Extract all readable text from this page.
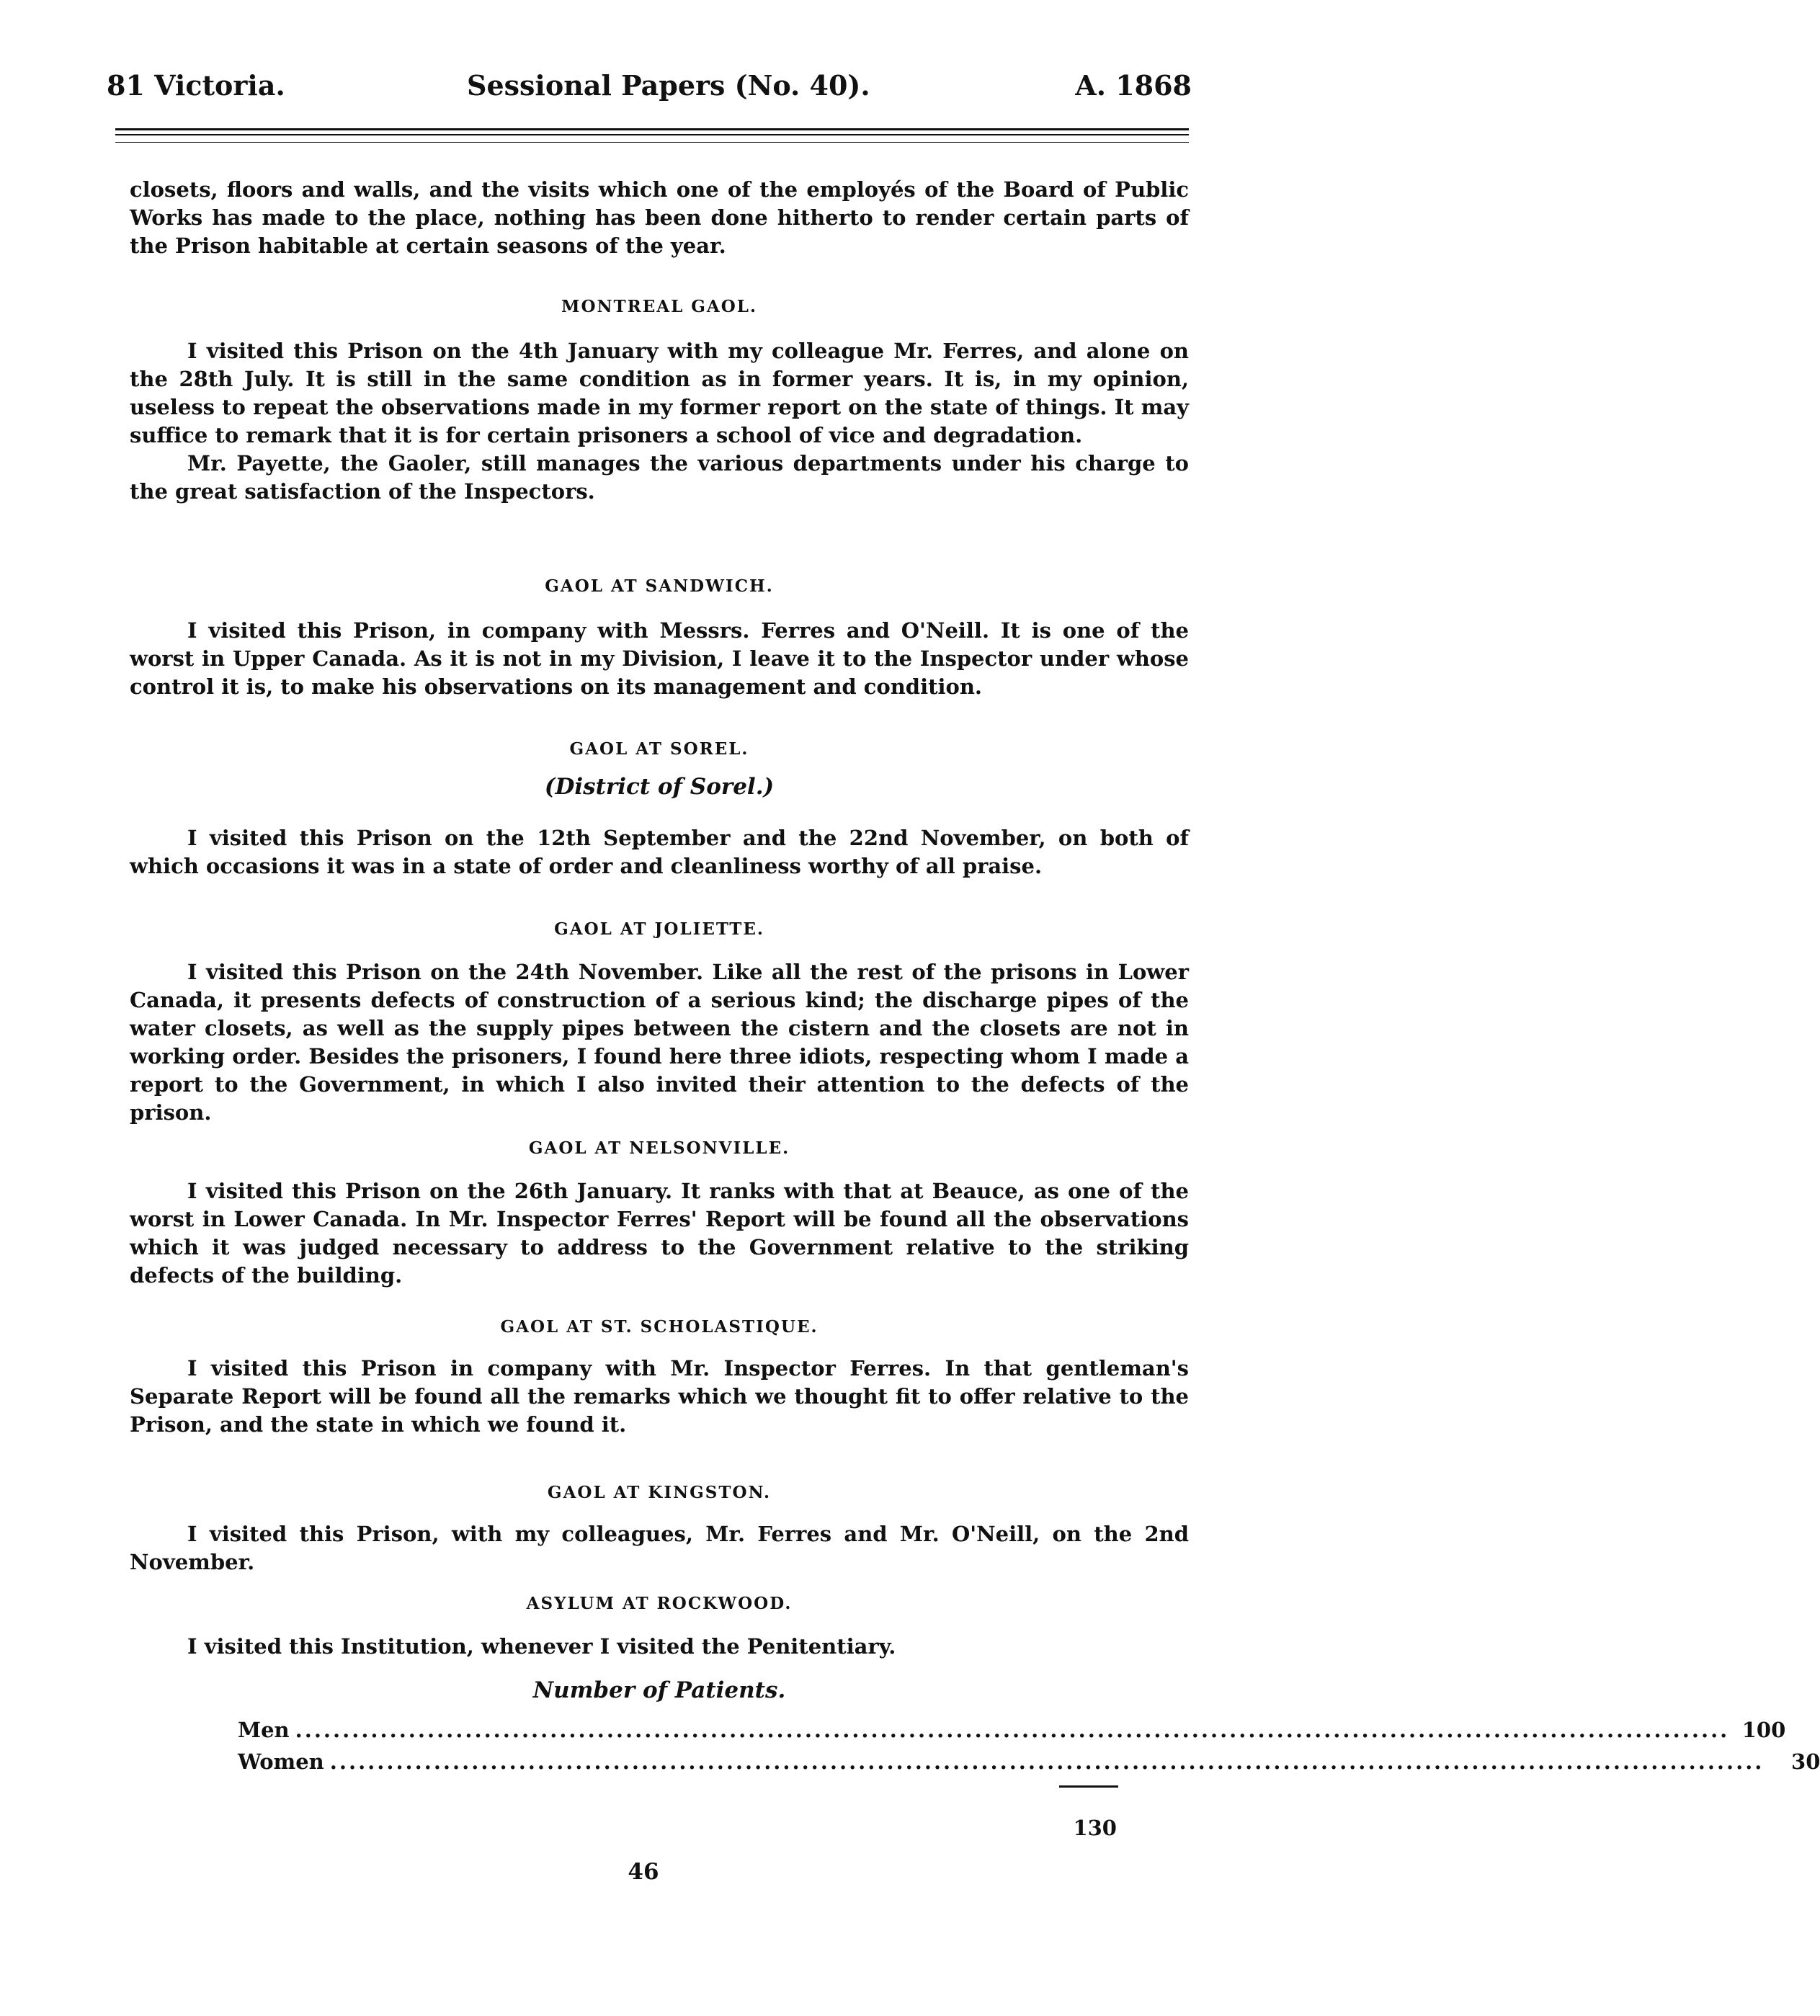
81 Victoria.	Sessional Papers (No. 40).	A. 1868

closets, floors and walls, and the visits which one of the employés of the Board of Public Works has made to the place, nothing has been done hitherto to render certain parts of the Prison habitable at certain seasons of the year.

MONTREAL GAOL.

I visited this Prison on the 4th January with my colleague Mr. Ferres, and alone on the 28th July. It is still in the same condition as in former years. It is, in my opinion, useless to repeat the observations made in my former report on the state of things. It may suffice to remark that it is for certain prisoners a school of vice and degradation.

Mr. Payette, the Gaoler, still manages the various departments under his charge to the great satisfaction of the Inspectors.

GAOL AT SANDWICH.

I visited this Prison, in company with Messrs. Ferres and O'Neill. It is one of the worst in Upper Canada. As it is not in my Division, I leave it to the Inspector under whose control it is, to make his observations on its management and condition.

GAOL AT SOREL.
(District of Sorel.)

I visited this Prison on the 12th September and the 22nd November, on both of which occasions it was in a state of order and cleanliness worthy of all praise.

GAOL AT JOLIETTE.

I visited this Prison on the 24th November. Like all the rest of the prisons in Lower Canada, it presents defects of construction of a serious kind; the discharge pipes of the water closets, as well as the supply pipes between the cistern and the closets are not in working order. Besides the prisoners, I found here three idiots, respecting whom I made a report to the Government, in which I also invited their attention to the defects of the prison.

GAOL AT NELSONVILLE.

I visited this Prison on the 26th January. It ranks with that at Beauce, as one of the worst in Lower Canada. In Mr. Inspector Ferres' Report will be found all the observations which it was judged necessary to address to the Government relative to the striking defects of the building.

GAOL AT ST. SCHOLASTIQUE.

I visited this Prison in company with Mr. Inspector Ferres. In that gentleman's Separate Report will be found all the remarks which we thought fit to offer relative to the Prison, and the state in which we found it.

GAOL AT KINGSTON.

I visited this Prison, with my colleagues, Mr. Ferres and Mr. O'Neill, on the 2nd November.

ASYLUM AT ROCKWOOD.

I visited this Institution, whenever I visited the Penitentiary.

Number of Patients.
Men ........................................................................................................................................................ 100
Women ........................................................................................................................................................	30
130
46
